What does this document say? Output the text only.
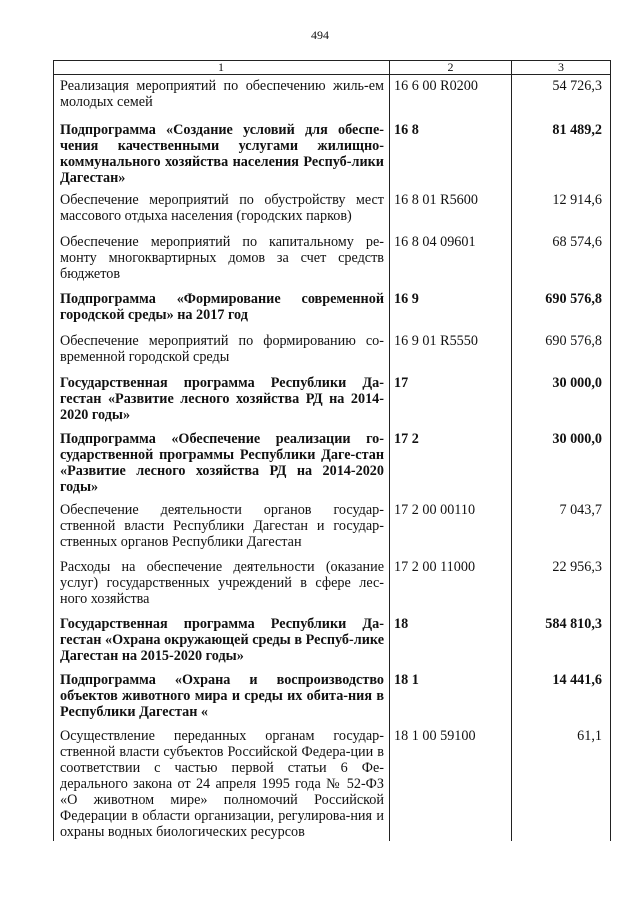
494
1	2	3
Реализация мероприятий по обеспечению жиль-ем молодых семей
16 6 00 R0200	54 726,3
Подпрограмма «Создание условий для обеспе-чения качественными услугами жилищно-коммунального хозяйства населения Респуб-лики Дагестан»
16 8	81 489,2
Обеспечение мероприятий по обустройству мест массового отдыха населения (городских парков)
16 8 01 R5600	12 914,6
Обеспечение мероприятий по капитальному ре-монту многоквартирных домов за счет средств бюджетов
16 8 04 09601	68 574,6
Подпрограмма «Формирование современной городской среды» на 2017 год
16 9	690 576,8
Обеспечение мероприятий по формированию со-временной городской среды
16 9 01 R5550	690 576,8
Государственная программа Республики Да-гестан «Развитие лесного хозяйства РД на 2014-2020 годы»
17	30 000,0
Подпрограмма «Обеспечение реализации го-сударственной программы Республики Даге-стан «Развитие лесного хозяйства РД на 2014-2020 годы»
17 2	30 000,0
Обеспечение деятельности органов государ-ственной власти Республики Дагестан и государ-ственных органов Республики Дагестан
17 2 00 00110	7 043,7
Расходы на обеспечение деятельности (оказание услуг) государственных учреждений в сфере лес-ного хозяйства
17 2 00 11000	22 956,3
Государственная программа Республики Да-гестан «Охрана окружающей среды в Респуб-лике Дагестан на 2015-2020 годы»
18	584 810,3
Подпрограмма «Охрана и воспроизводство объектов животного мира и среды их обита-ния в Республики Дагестан «
18 1	14 441,6
Осуществление переданных органам государ-ственной власти субъектов Российской Федера-ции в соответствии с частью первой статьи 6 Фе-дерального закона от 24 апреля 1995 года № 52-ФЗ «О животном мире» полномочий Российской Федерации в области организации, регулирова-ния и охраны водных биологических ресурсов
18 1 00 59100	61,1
